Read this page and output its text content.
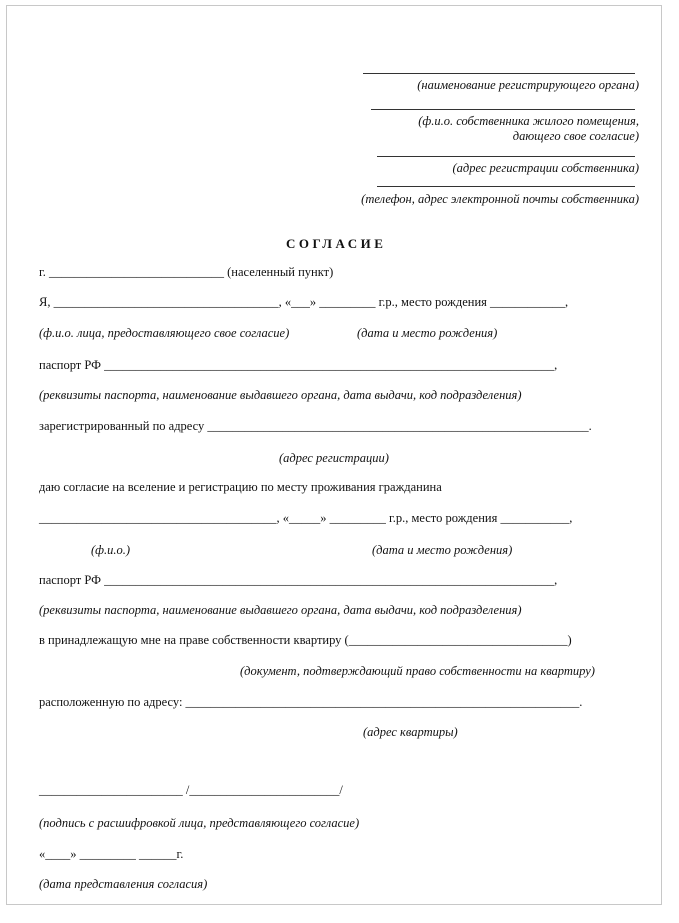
(наименование регистрирующего органа)
(ф.и.о. собственника жилого помещения,
дающего свое согласие)
(адрес регистрации собственника)
(телефон, адрес электронной почты собственника)
СОГЛАСИЕ
г. ____________________________ (населенный пункт)
Я, ____________________________________, «___» _________ г.р., место рождения ____________,
(ф.и.о. лица, предоставляющего свое согласие)	(дата и место рождения)
паспорт РФ ________________________________________________________________________,
(реквизиты паспорта, наименование выдавшего органа, дата выдачи, код подразделения)
зарегистрированный по адресу _____________________________________________________________.
(адрес регистрации)
даю согласие на вселение и регистрацию по месту проживания гражданина
______________________________________, «_____» _________ г.р., место рождения ___________,
(ф.и.о.)	(дата и место рождения)
паспорт РФ ________________________________________________________________________,
(реквизиты паспорта, наименование выдавшего органа, дата выдачи, код подразделения)
в принадлежащую мне на праве собственности квартиру (___________________________________)
(документ, подтверждающий право собственности на квартиру)
расположенную по адресу: _______________________________________________________________.
(адрес квартиры)
_______________________ /________________________/
(подпись с расшифровкой лица, представляющего согласие)
«____» _________ ______г.
(дата представления согласия)
